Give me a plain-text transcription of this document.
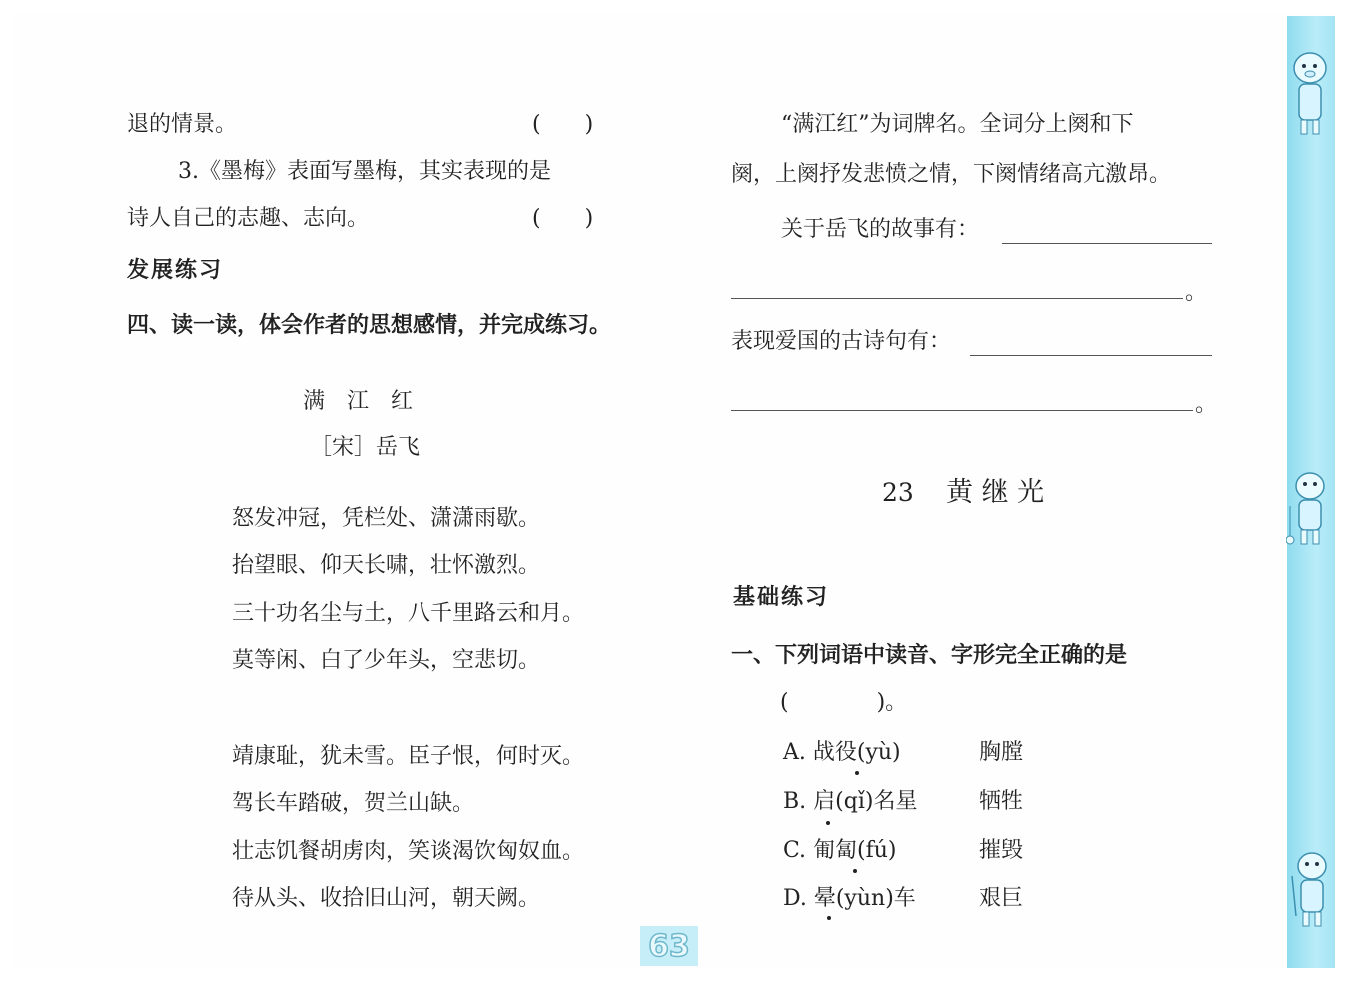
退的情景。	(　　)
3.《墨梅》表面写墨梅，其实表现的是
诗人自己的志趣、志向。	(　　)
发展练习
四、读一读，体会作者的思想感情，并完成练习。
满　江　红
［宋］岳飞
怒发冲冠，凭栏处、潇潇雨歇。
抬望眼、仰天长啸，壮怀激烈。
三十功名尘与土，八千里路云和月。
莫等闲、白了少年头，空悲切。
靖康耻，犹未雪。臣子恨，何时灭。
驾长车踏破，贺兰山缺。
壮志饥餐胡虏肉，笑谈渴饮匈奴血。
待从头、收拾旧山河，朝天阙。
“满江红”为词牌名。全词分上阕和下
阕，上阕抒发悲愤之情，下阕情绪高亢激昂。
关于岳飞的故事有：
。
表现爱国的古诗句有：
。
23 黄 继 光
基础练习
一、下列词语中读音、字形完全正确的是
(　　　　)。
A. 战役(yù)	胸膛
B. 启(qǐ)名星	牺牲
C. 匍匐(fú)	摧毁
D. 晕(yùn)车	艰巨
63
